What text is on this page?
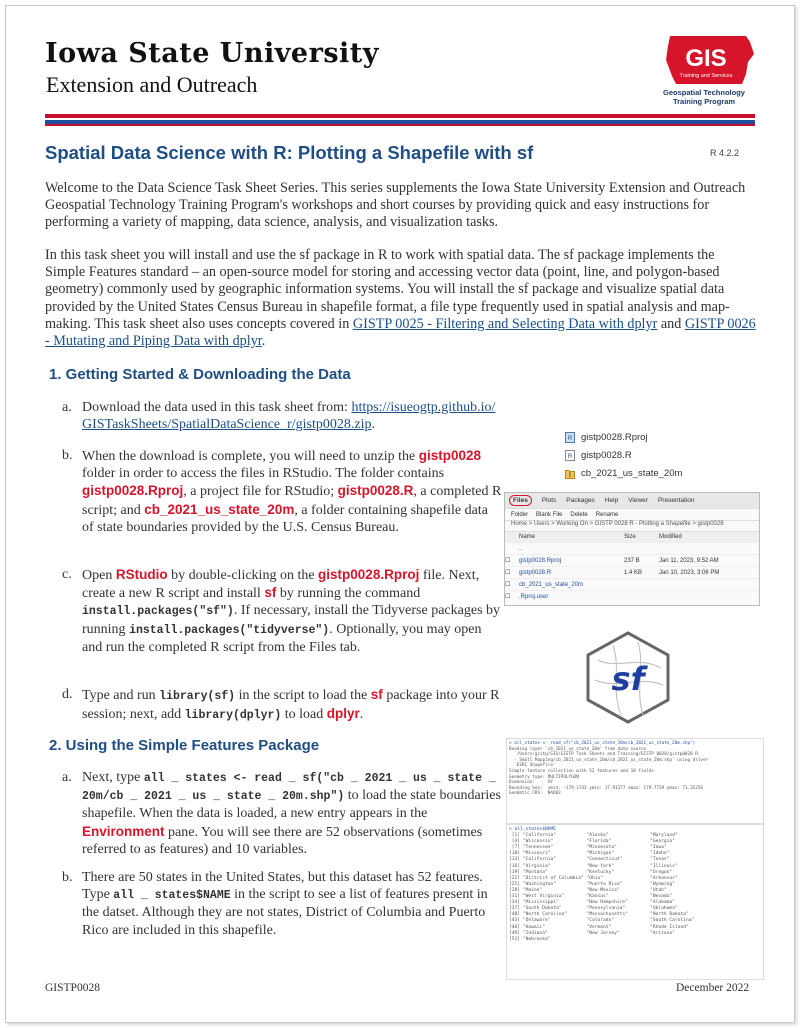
Iowa State University
Extension and Outreach
GIS
Training and Services
Geospatial Technology
Training Program
Spatial Data Science with R: Plotting a Shapefile with sf	R 4.2.2
Welcome to the Data Science Task Sheet Series. This series supplements the Iowa State University Extension and Outreach Geospatial Technology Training Program's workshops and short courses by providing quick and easy instructions for performing a variety of mapping, data science, analysis, and visualization tasks.
In this task sheet you will install and use the sf package in R to work with spatial data. The sf package implements the Simple Features standard – an open-source model for storing and accessing vector data (point, line, and polygon-based geometry) commonly used by geographic information systems. You will install the sf package and visualize spatial data provided by the United States Census Bureau in shapefile format, a file type frequently used in spatial analysis and map-making. This task sheet also uses concepts covered in GISTP 0025 - Filtering and Selecting Data with dplyr and GISTP 0026 - Mutating and Piping Data with dplyr.
1. Getting Started & Downloading the Data
a. Download the data used in this task sheet from: https://isueogtp.github.io/GISTaskSheets/SpatialDataScience_r/gistp0028.zip.
b. When the download is complete, you will need to unzip the gistp0028 folder in order to access the files in RStudio. The folder contains gistp0028.Rproj, a project file for RStudio; gistp0028.R, a completed R script; and cb_2021_us_state_20m, a folder containing shapefile data of state boundaries provided by the U.S. Census Bureau.
c. Open RStudio by double-clicking on the gistp0028.Rproj file. Next, create a new R script and install sf by running the command install.packages("sf"). If necessary, install the Tidyverse packages by running install.packages("tidyverse"). Optionally, you may open and run the completed R script from the Files tab.
d. Type and run library(sf) in the script to load the sf package into your R session; next, add library(dplyr) to load dplyr.
2. Using the Simple Features Package
a. Next, type all _ states <- read _ sf("cb _ 2021 _ us _ state _ 20m/cb _ 2021 _ us _ state _ 20m.shp") to load the state boundaries shapefile. When the data is loaded, a new entry appears in the Environment pane. You will see there are 52 observations (sometimes referred to as features) and 10 variables.
b. There are 50 states in the United States, but this dataset has 52 features. Type all _ states$NAME in the script to see a list of features present in the datset. Although they are not states, District of Columbia and Puerto Rico are included in this shapefile.
R gistp0028.Rproj
R gistp0028.R
cb_2021_us_state_20m
Files	Plots Packages Help Viewer Presentation
Folder Blank File Delete Rename
Home > Users > Working On > GISTP 0028 R - Plotting a Shapefile > gistp0028
Name	Size	Modified
..
☐	gistp0028.Rproj	237 B	Jan 11, 2023, 9:52 AM
☐	gistp0028.R	1.4 KB	Jan 10, 2023, 3:06 PM
☐	cb_2021_us_state_20m
☐	.Rproj.user
sf
> all_states <- read_sf("cb_2021_us_state_20m/cb_2021_us_state_20m.shp")
Reading layer `cb_2021_us_state_20m' from data source
`/Users/gistp/GIS/GISTP Task Sheets and Training/GISTP 0028/gistp0028 R
- Small Mapping/cb_2021_us_state_20m/cb_2021_us_state_20m.shp' using driver
`ESRI Shapefile'
Simple feature collection with 52 features and 10 fields
Geometry type: MULTIPOLYGON
Dimension:     XY
Bounding box:  xmin: -179.1743 ymin: 17.91377 xmax: 179.7739 ymax: 71.35256
Geodetic CRS:  NAD83
> all_states$NAME
[1] "California"           "Alaska"               "Maryland"
[4] "Wisconsin"            "Florida"              "Georgia"
[7] "Tennessee"            "Minnesota"            "Iowa"
[10] "Missouri"             "Michigan"             "Idaho"
[13] "California"           "Connecticut"          "Texas"
[16] "Virginia"             "New York"             "Illinois"
[19] "Montana"              "Kentucky"             "Oregon"
[22] "District of Columbia" "Ohio"                 "Arkansas"
[25] "Washington"           "Puerto Rico"          "Wyoming"
[28] "Maine"                "New Mexico"           "Utah"
[31] "West Virginia"        "Kansas"               "Nevada"
[34] "Mississippi"          "New Hampshire"        "Alabama"
[37] "South Dakota"         "Pennsylvania"         "Oklahoma"
[40] "North Carolina"       "Massachusetts"        "North Dakota"
[43] "Delaware"             "Colorado"             "South Carolina"
[46] "Hawaii"               "Vermont"              "Rhode Island"
[49] "Indiana"              "New Jersey"           "Arizona"
[52] "Nebraska"
GISTP0028	December 2022
